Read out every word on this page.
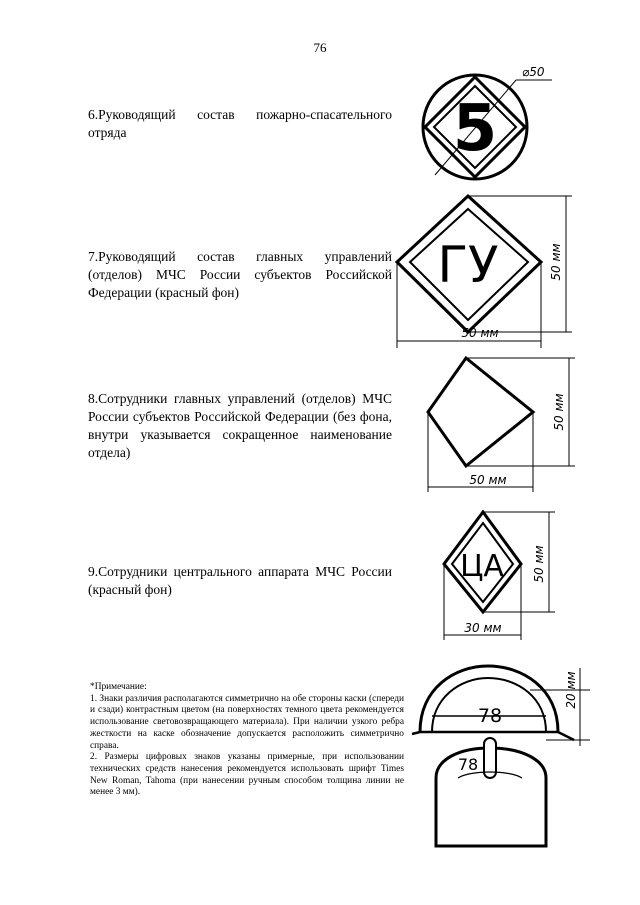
76
6.Руководящий состав пожарно-спасательного отряда
7.Руководящий состав главных управлений (отделов) МЧС России субъектов Российской Федерации (красный фон)
8.Сотрудники главных управлений (отделов) МЧС России субъектов Российской Федерации (без фона, внутри указывается сокращенное наименование отдела)
9.Сотрудники центрального аппарата МЧС России (красный фон)
5
⌀50
ГУ	50 мм
50 мм
50 мм
50 мм
ЦА 50 мм
30 мм
78
20 мм
78

*Примечание:

1. Знаки различия располагаются симметрично на обе стороны каски (спереди и сзади) контрастным цветом (на поверхностях темного цвета рекомендуется использование световозвращающего материала). При наличии узкого ребра жесткости на каске обозначение допускается расположить симметрично справа.

2. Размеры цифровых знаков указаны примерные, при использовании технических средств нанесения рекомендуется использовать шрифт Times New Roman, Tahoma (при нанесении ручным способом толщина линии не менее 3 мм).
